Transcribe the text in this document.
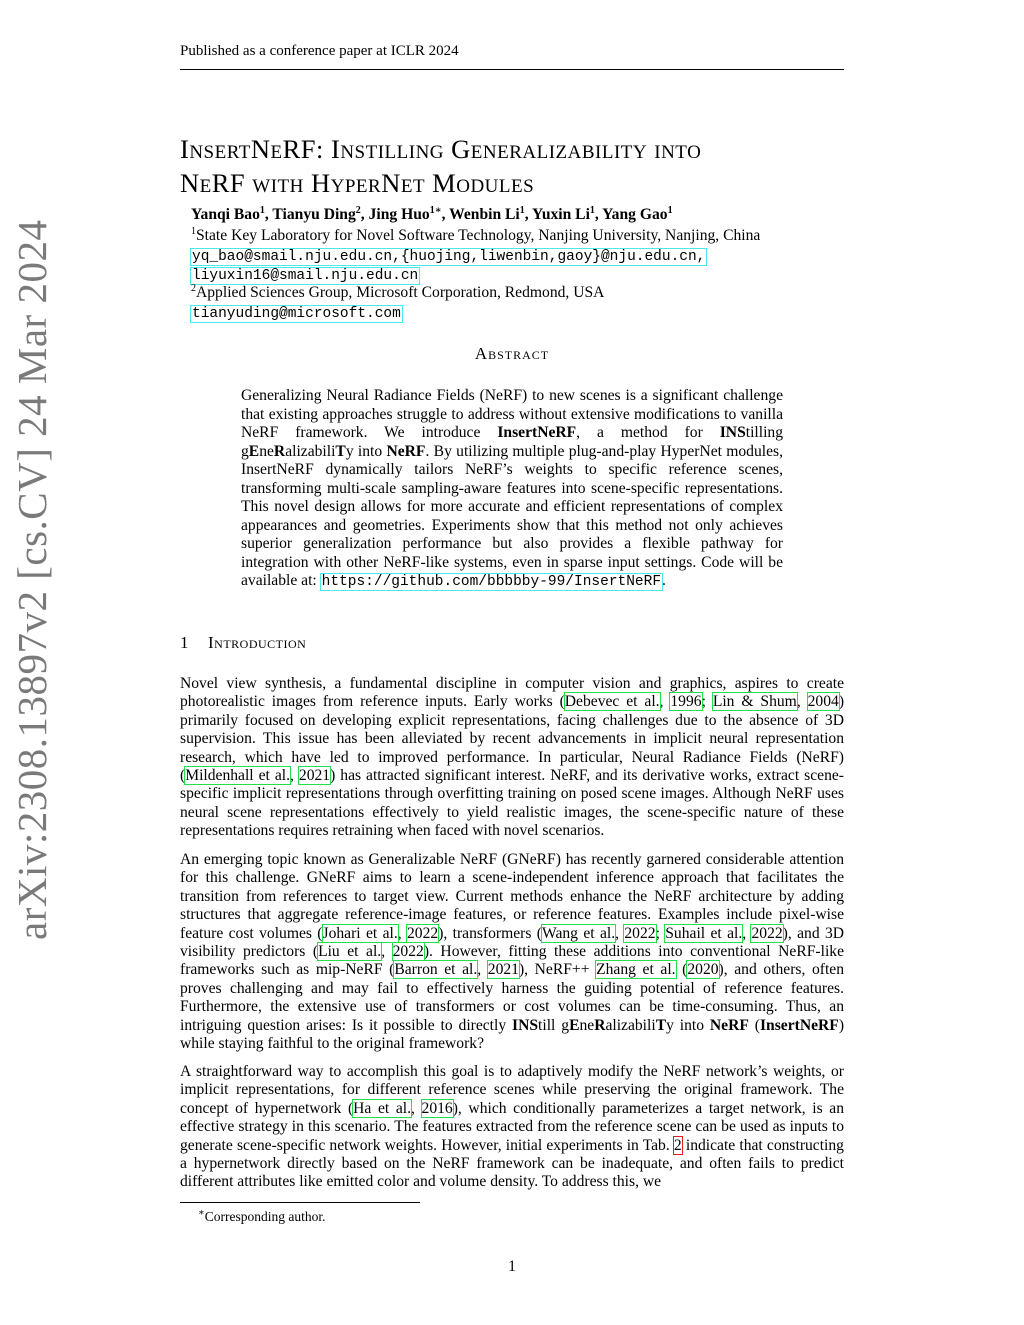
Published as a conference paper at ICLR 2024
arXiv:2308.13897v2 [cs.CV] 24 Mar 2024
InsertNeRF: Instilling Generalizability into
NeRF with HyperNet Modules
Yanqi Bao$^1$, Tianyu Ding$^2$, Jing Huo$^{1∗}$, Wenbin Li$^1$, Yuxin Li$^1$, Yang Gao$^1$
$^1$State Key Laboratory for Novel Software Technology, Nanjing University, Nanjing, China
yq_bao@smail.nju.edu.cn,{huojing,liwenbin,gaoy}@nju.edu.cn,
liyuxin16@smail.nju.edu.cn
$^2$Applied Sciences Group, Microsoft Corporation, Redmond, USA
tianyuding@microsoft.com
Abstract
Generalizing Neural Radiance Fields (NeRF) to new scenes is a significant challenge that existing approaches struggle to address without extensive modifications to vanilla NeRF framework. We introduce InsertNeRF, a method for INStilling gEneRalizabiliTy into NeRF. By utilizing multiple plug-and-play HyperNet modules, InsertNeRF dynamically tailors NeRF’s weights to specific reference scenes, transforming multi-scale sampling-aware features into scene-specific representations. This novel design allows for more accurate and efficient representations of complex appearances and geometries. Experiments show that this method not only achieves superior generalization performance but also provides a flexible pathway for integration with other NeRF-like systems, even in sparse input settings. Code will be available at: https://github.com/bbbbby-99/InsertNeRF.
1 Introduction
Novel view synthesis, a fundamental discipline in computer vision and graphics, aspires to create photorealistic images from reference inputs. Early works (Debevec et al., 1996; Lin & Shum, 2004) primarily focused on developing explicit representations, facing challenges due to the absence of 3D supervision. This issue has been alleviated by recent advancements in implicit neural representation research, which have led to improved performance. In particular, Neural Radiance Fields (NeRF) (Mildenhall et al., 2021) has attracted significant interest. NeRF, and its derivative works, extract scene-specific implicit representations through overfitting training on posed scene images. Although NeRF uses neural scene representations effectively to yield realistic images, the scene-specific nature of these representations requires retraining when faced with novel scenarios.
An emerging topic known as Generalizable NeRF (GNeRF) has recently garnered considerable attention for this challenge. GNeRF aims to learn a scene-independent inference approach that facilitates the transition from references to target view. Current methods enhance the NeRF architecture by adding structures that aggregate reference-image features, or reference features. Examples include pixel-wise feature cost volumes (Johari et al., 2022), transformers (Wang et al., 2022; Suhail et al., 2022), and 3D visibility predictors (Liu et al., 2022). However, fitting these additions into conventional NeRF-like frameworks such as mip-NeRF (Barron et al., 2021), NeRF++ Zhang et al. (2020), and others, often proves challenging and may fail to effectively harness the guiding potential of reference features. Furthermore, the extensive use of transformers or cost volumes can be time-consuming. Thus, an intriguing question arises: Is it possible to directly INStill gEneRalizabiliTy into NeRF (InsertNeRF) while staying faithful to the original framework?
A straightforward way to accomplish this goal is to adaptively modify the NeRF network’s weights, or implicit representations, for different reference scenes while preserving the original framework. The concept of hypernetwork (Ha et al., 2016), which conditionally parameterizes a target network, is an effective strategy in this scenario. The features extracted from the reference scene can be used as inputs to generate scene-specific network weights. However, initial experiments in Tab. 2 indicate that constructing a hypernetwork directly based on the NeRF framework can be inadequate, and often fails to predict different attributes like emitted color and volume density. To address this, we
∗Corresponding author.
1
